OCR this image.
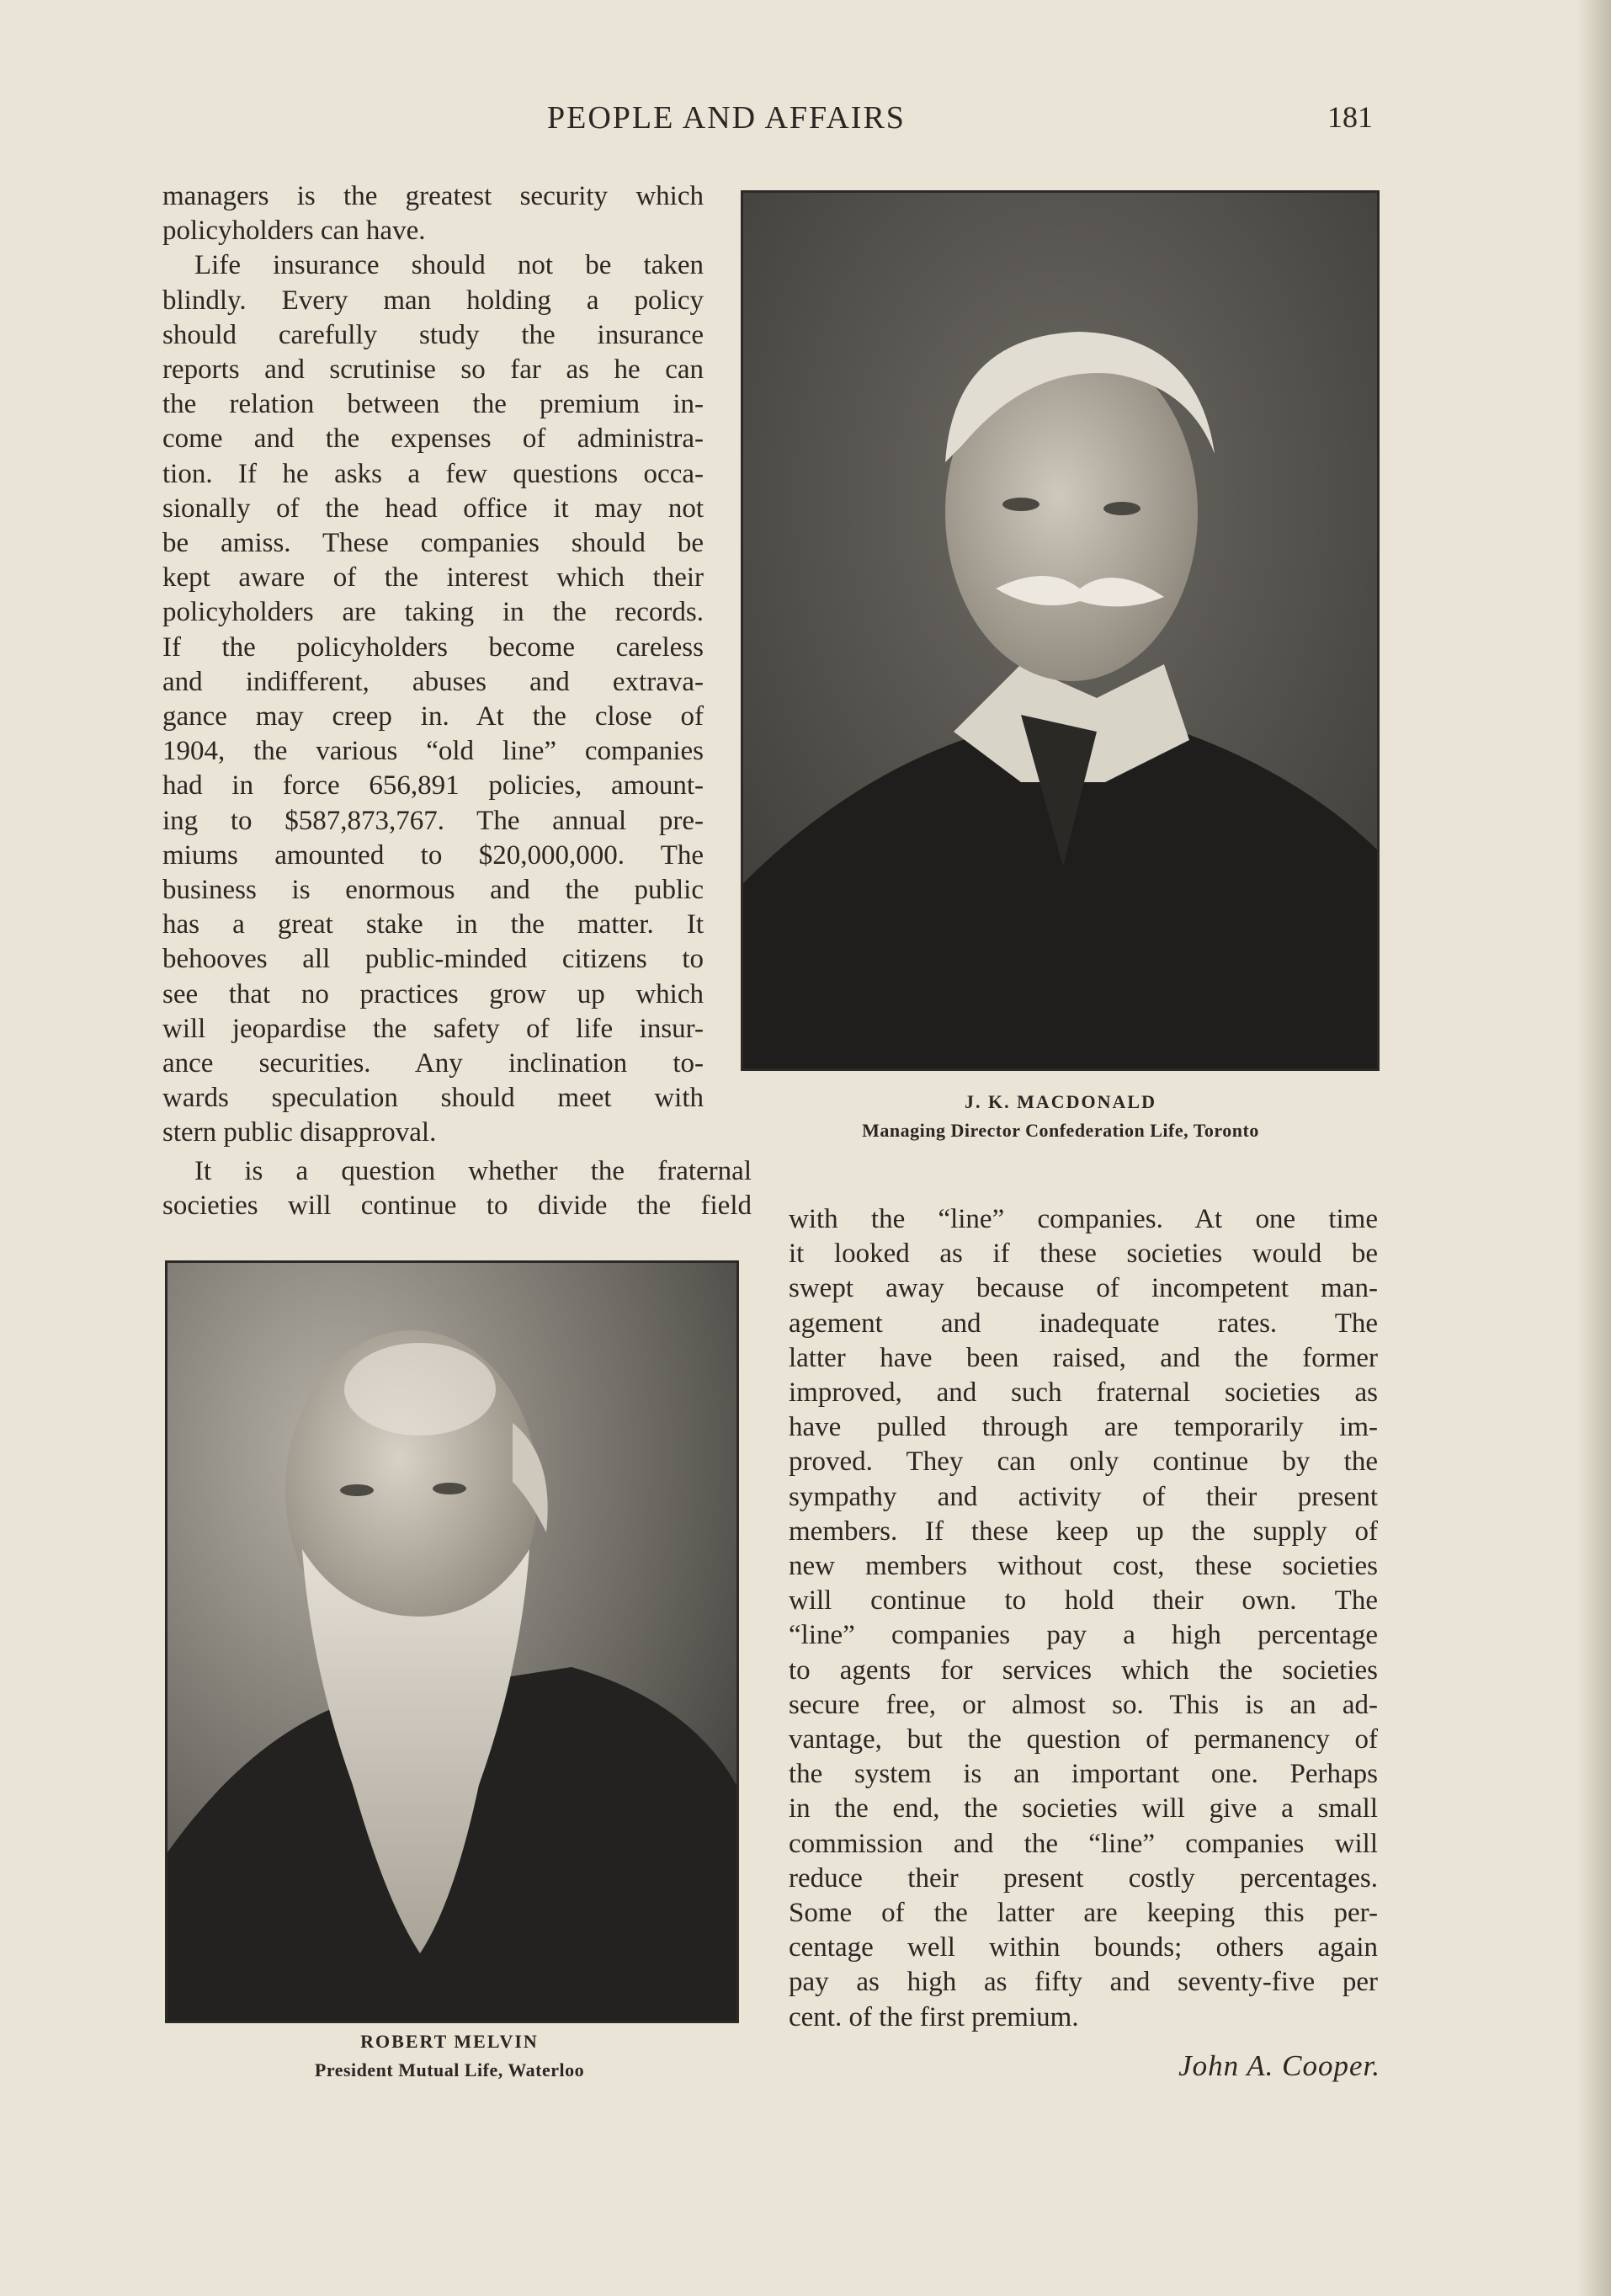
PEOPLE AND AFFAIRS	181

managers is the greatest security which

policyholders can have.

Life insurance should not be taken

blindly. Every man holding a policy

should carefully study the insurance

reports and scrutinise so far as he can

the relation between the premium in-

come and the expenses of administra-

tion. If he asks a few questions occa-

sionally of the head office it may not

be amiss. These companies should be

kept aware of the interest which their

policyholders are taking in the records.

If the policyholders become careless

and indifferent, abuses and extrava-

gance may creep in. At the close of

1904, the various “old line” companies

had in force 656,891 policies, amount-

ing to $587,873,767. The annual pre-

miums amounted to $20,000,000. The

business is enormous and the public

has a great stake in the matter. It

behooves all public-minded citizens to

see that no practices grow up which

will jeopardise the safety of life insur-

ance securities. Any inclination to-

wards speculation should meet with

stern public disapproval.

It is a question whether the fraternal

societies will continue to divide the field

J. K. MACDONALD
Managing Director Confederation Life, Toronto
ROBERT MELVIN
President Mutual Life, Waterloo

with the “line” companies. At one time

it looked as if these societies would be

swept away because of incompetent man-

agement and inadequate rates. The

latter have been raised, and the former

improved, and such fraternal societies as

have pulled through are temporarily im-

proved. They can only continue by the

sympathy and activity of their present

members. If these keep up the supply of

new members without cost, these societies

will continue to hold their own. The

“line” companies pay a high percentage

to agents for services which the societies

secure free, or almost so. This is an ad-

vantage, but the question of permanency of

the system is an important one. Perhaps

in the end, the societies will give a small

commission and the “line” companies will

reduce their present costly percentages.

Some of the latter are keeping this per-

centage well within bounds; others again

pay as high as fifty and seventy-five per

cent. of the first premium.

John A. Cooper.
